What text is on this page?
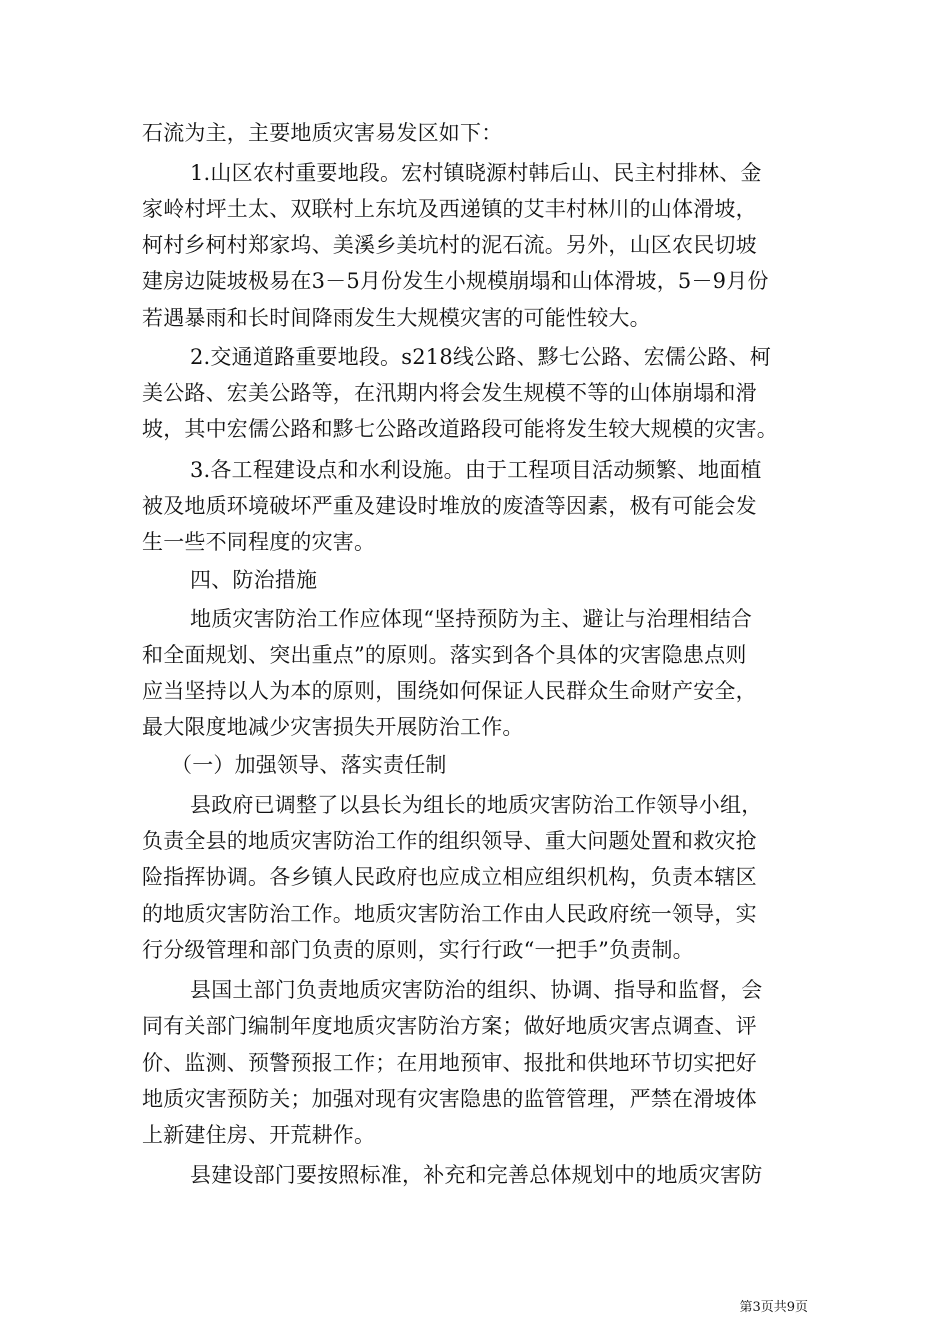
石流为主，主要地质灾害易发区如下：
1.山区农村重要地段。宏村镇晓源村韩后山、民主村排林、金
家岭村坪土太、双联村上东坑及西递镇的艾丰村林川的山体滑坡，
柯村乡柯村郑家坞、美溪乡美坑村的泥石流。另外，山区农民切坡
建房边陡坡极易在3－5月份发生小规模崩塌和山体滑坡，5－9月份
若遇暴雨和长时间降雨发生大规模灾害的可能性较大。
2.交通道路重要地段。s218线公路、黟七公路、宏儒公路、柯
美公路、宏美公路等，在汛期内将会发生规模不等的山体崩塌和滑
坡，其中宏儒公路和黟七公路改道路段可能将发生较大规模的灾害。
3.各工程建设点和水利设施。由于工程项目活动频繁、地面植
被及地质环境破坏严重及建设时堆放的废渣等因素，极有可能会发
生一些不同程度的灾害。
四、防治措施
地质灾害防治工作应体现“坚持预防为主、避让与治理相结合
和全面规划、突出重点”的原则。落实到各个具体的灾害隐患点则
应当坚持以人为本的原则，围绕如何保证人民群众生命财产安全，
最大限度地减少灾害损失开展防治工作。
（一）加强领导、落实责任制
县政府已调整了以县长为组长的地质灾害防治工作领导小组，
负责全县的地质灾害防治工作的组织领导、重大问题处置和救灾抢
险指挥协调。各乡镇人民政府也应成立相应组织机构，负责本辖区
的地质灾害防治工作。地质灾害防治工作由人民政府统一领导，实
行分级管理和部门负责的原则，实行行政“一把手”负责制。
县国土部门负责地质灾害防治的组织、协调、指导和监督，会
同有关部门编制年度地质灾害防治方案；做好地质灾害点调查、评
价、监测、预警预报工作；在用地预审、报批和供地环节切实把好
地质灾害预防关；加强对现有灾害隐患的监管管理，严禁在滑坡体
上新建住房、开荒耕作。
县建设部门要按照标准，补充和完善总体规划中的地质灾害防
第3页共9页
